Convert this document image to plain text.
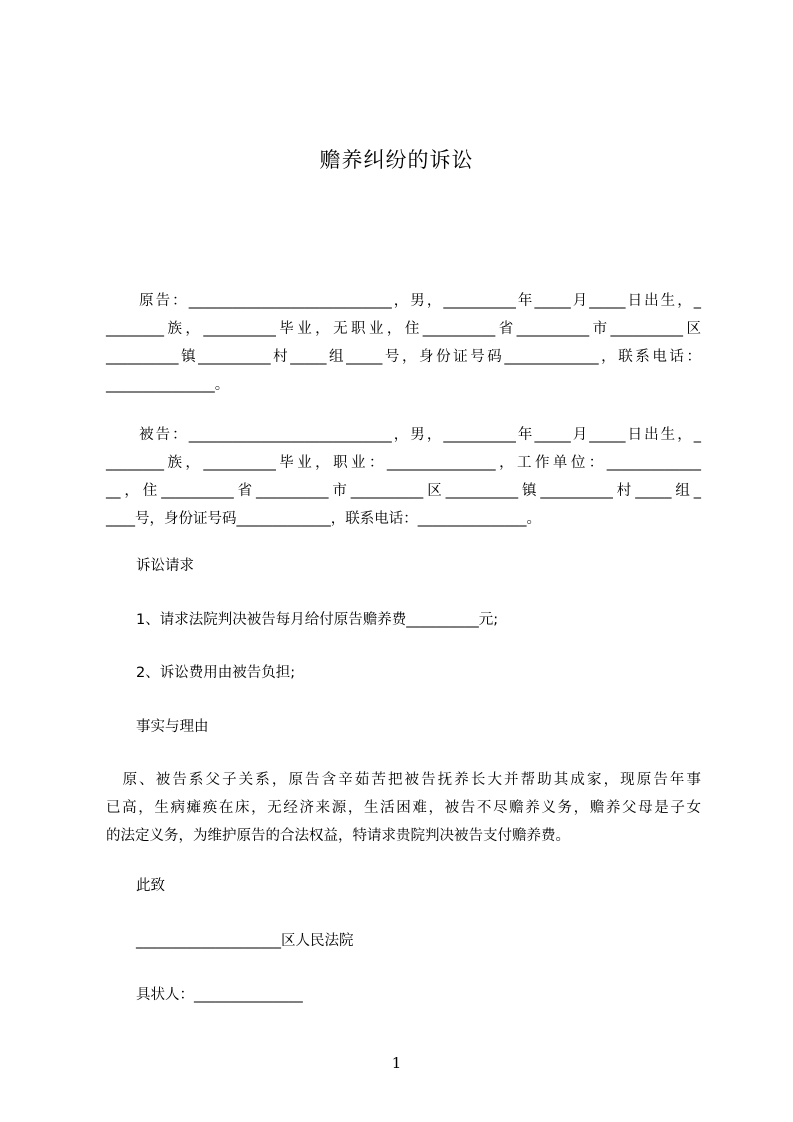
赡养纠纷的诉讼
　　原告：____________________________，男，__________年_____月_____日出生，_
________族，__________毕业，无职业，住__________省__________市__________区
__________镇__________村_____组_____号，身份证号码_____________，联系电话：
_______________。
　　被告：____________________________，男，__________年_____月_____日出生，_
________族，__________毕业，职业：_______________，工作单位：_____________
__，住__________省__________市__________区__________镇__________村_____组_
____号，身份证号码_____________，联系电话：_______________。
诉讼请求
1、请求法院判决被告每月给付原告赡养费__________元;
2、诉讼费用由被告负担;
事实与理由
　原、被告系父子关系，原告含辛茹苦把被告抚养长大并帮助其成家，现原告年事
已高，生病瘫痪在床，无经济来源，生活困难，被告不尽赡养义务，赡养父母是子女
的法定义务，为维护原告的合法权益，特请求贵院判决被告支付赡养费。
此致
____________________区人民法院
具状人：_______________
1
